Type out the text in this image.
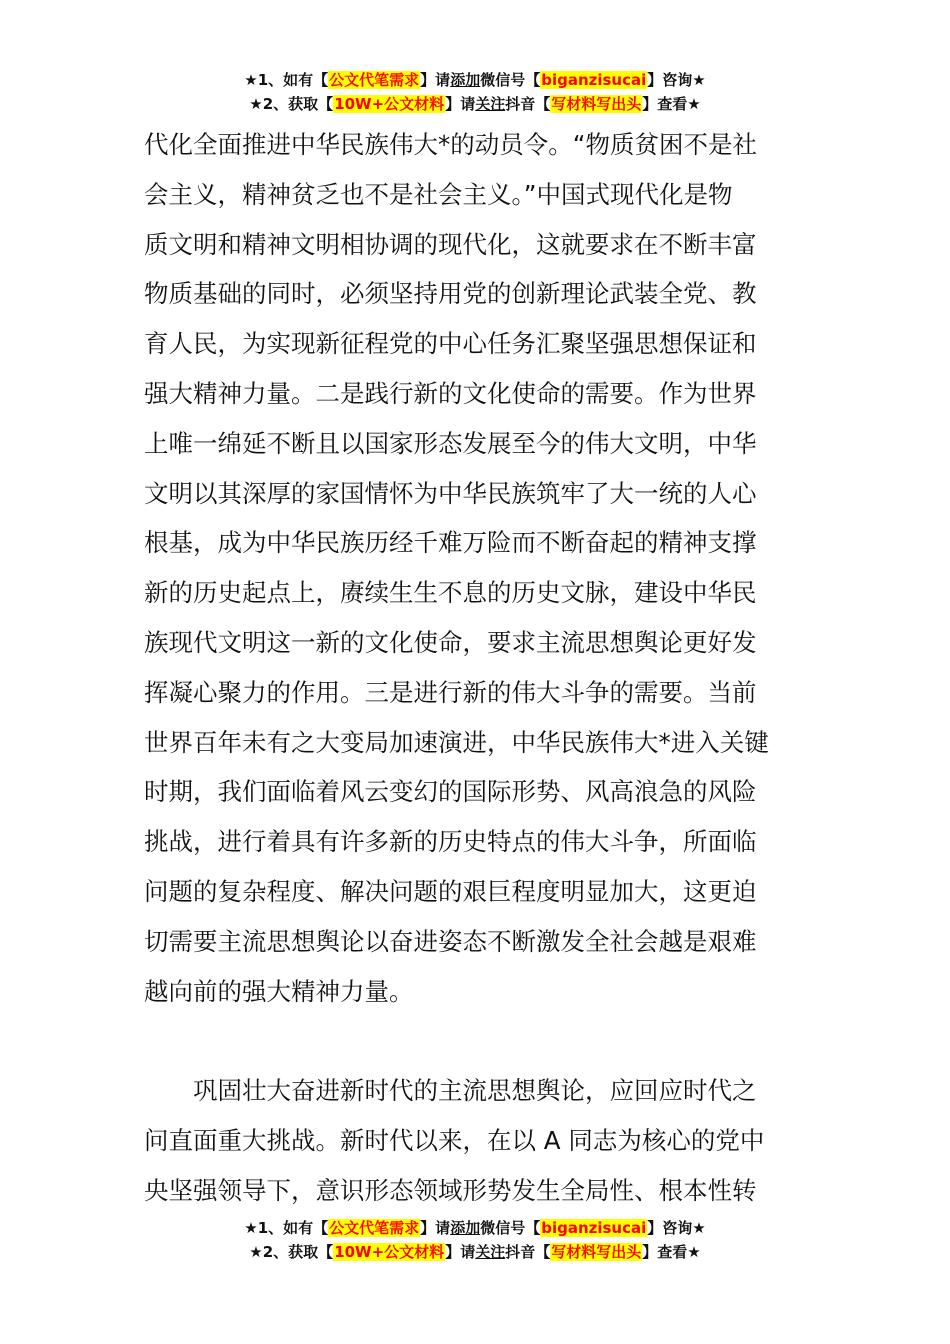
★1、如有【公文代笔需求】请添加微信号【biganzisucai】咨询★
★2、获取【10W+公文材料】请关注抖音【写材料写出头】查看★
代化全面推进中华民族伟大*的动员令。“物质贫困不是社
会主义，精神贫乏也不是社会主义。”中国式现代化是物
质文明和精神文明相协调的现代化，这就要求在不断丰富
物质基础的同时，必须坚持用党的创新理论武装全党、教
育人民，为实现新征程党的中心任务汇聚坚强思想保证和
强大精神力量。二是践行新的文化使命的需要。作为世界
上唯一绵延不断且以国家形态发展至今的伟大文明，中华
文明以其深厚的家国情怀为中华民族筑牢了大一统的人心
根基，成为中华民族历经千难万险而不断奋起的精神支撑
新的历史起点上，赓续生生不息的历史文脉，建设中华民
族现代文明这一新的文化使命，要求主流思想舆论更好发
挥凝心聚力的作用。三是进行新的伟大斗争的需要。当前
世界百年未有之大变局加速演进，中华民族伟大*进入关键
时期，我们面临着风云变幻的国际形势、风高浪急的风险
挑战，进行着具有许多新的历史特点的伟大斗争，所面临
问题的复杂程度、解决问题的艰巨程度明显加大，这更迫
切需要主流思想舆论以奋进姿态不断激发全社会越是艰难
越向前的强大精神力量。
巩固壮大奋进新时代的主流思想舆论，应回应时代之
问直面重大挑战。新时代以来，在以 A 同志为核心的党中
央坚强领导下，意识形态领域形势发生全局性、根本性转
★1、如有【公文代笔需求】请添加微信号【biganzisucai】咨询★
★2、获取【10W+公文材料】请关注抖音【写材料写出头】查看★
